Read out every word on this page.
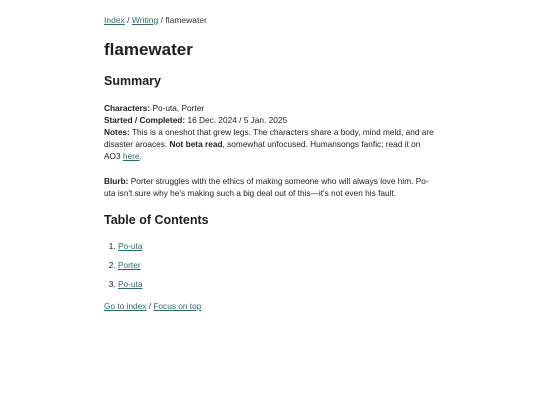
Index / Writing / flamewater
flamewater
Summary

Characters: Po-uta, Porter

Started / Completed: 16 Dec. 2024 / 5 Jan. 2025

Notes: This is a oneshot that grew legs. The characters share a body, mind meld, and are disaster aroaces. Not beta read, somewhat unfocused. Humansongs fanfic; read it on AO3 here.

Blurb: Porter struggles with the ethics of making someone who will always love him. Po-uta isn't sure why he's making such a big deal out of this—it's not even his fault.

Table of Contents
1. Po-uta
2. Porter
3. Po-uta
Go to index / Focus on top
